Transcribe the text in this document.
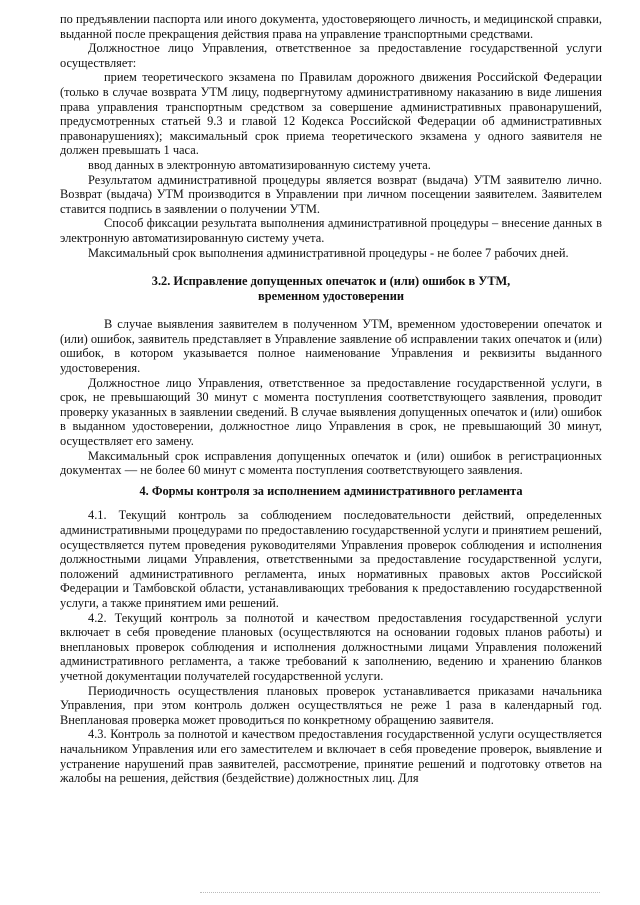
по предъявлении паспорта или иного документа, удостоверяющего личность, и медицинской справки, выданной после прекращения действия права на управление транспортными средствами.

Должностное лицо Управления, ответственное за предоставление государственной услуги осуществляет:

прием теоретического экзамена по Правилам дорожного движения Российской Федерации (только в случае возврата УТМ лицу, подвергнутому административному наказанию в виде лишения права управления транспортным средством за совершение административных правонарушений, предусмотренных статьей 9.3 и главой 12 Кодекса Российской Федерации об административных правонарушениях); максимальный срок приема теоретического экзамена у одного заявителя не должен превышать 1 часа.

ввод данных в электронную автоматизированную систему учета.

Результатом административной процедуры является возврат (выдача) УТМ заявителю лично. Возврат (выдача) УТМ производится в Управлении при личном посещении заявителем. Заявителем ставится подпись в заявлении о получении УТМ.

Способ фиксации результата выполнения административной процедуры – внесение данных в электронную автоматизированную систему учета.

Максимальный срок выполнения административной процедуры - не более 7 рабочих дней.

3.2. Исправление допущенных опечаток и (или) ошибок в УТМ,

временном удостоверении

В случае выявления заявителем в полученном УТМ, временном удостоверении опечаток и (или) ошибок, заявитель представляет в Управление заявление об исправлении таких опечаток и (или) ошибок, в котором указывается полное наименование Управления и реквизиты выданного удостоверения.

Должностное лицо Управления, ответственное за предоставление государственной услуги, в срок, не превышающий 30 минут с момента поступления соответствующего заявления, проводит проверку указанных в заявлении сведений. В случае выявления допущенных опечаток и (или) ошибок в выданном удостоверении, должностное лицо Управления в срок, не превышающий 30 минут, осуществляет его замену.

Максимальный срок исправления допущенных опечаток и (или) ошибок в регистрационных документах — не более 60 минут с момента поступления соответствующего заявления.

4. Формы контроля за исполнением административного регламента

4.1. Текущий контроль за соблюдением последовательности действий, определенных административными процедурами по предоставлению государственной услуги и принятием решений, осуществляется путем проведения руководителями Управления проверок соблюдения и исполнения должностными лицами Управления, ответственными за предоставление государственной услуги, положений административного регламента, иных нормативных правовых актов Российской Федерации и Тамбовской области, устанавливающих требования к предоставлению государственной услуги, а также принятием ими решений.

4.2. Текущий контроль за полнотой и качеством предоставления государственной услуги включает в себя проведение плановых (осуществляются на основании годовых планов работы) и внеплановых проверок соблюдения и исполнения должностными лицами Управления положений административного регламента, а также требований к заполнению, ведению и хранению бланков учетной документации получателей государственной услуги.

Периодичность осуществления плановых проверок устанавливается приказами начальника Управления, при этом контроль должен осуществляться не реже 1 раза в календарный год. Внеплановая проверка может проводиться по конкретному обращению заявителя.

4.3. Контроль за полнотой и качеством предоставления государственной услуги осуществляется начальником Управления или его заместителем и включает в себя проведение проверок, выявление и устранение нарушений прав заявителей, рассмотрение, принятие решений и подготовку ответов на жалобы на решения, действия (бездействие) должностных лиц. Для
